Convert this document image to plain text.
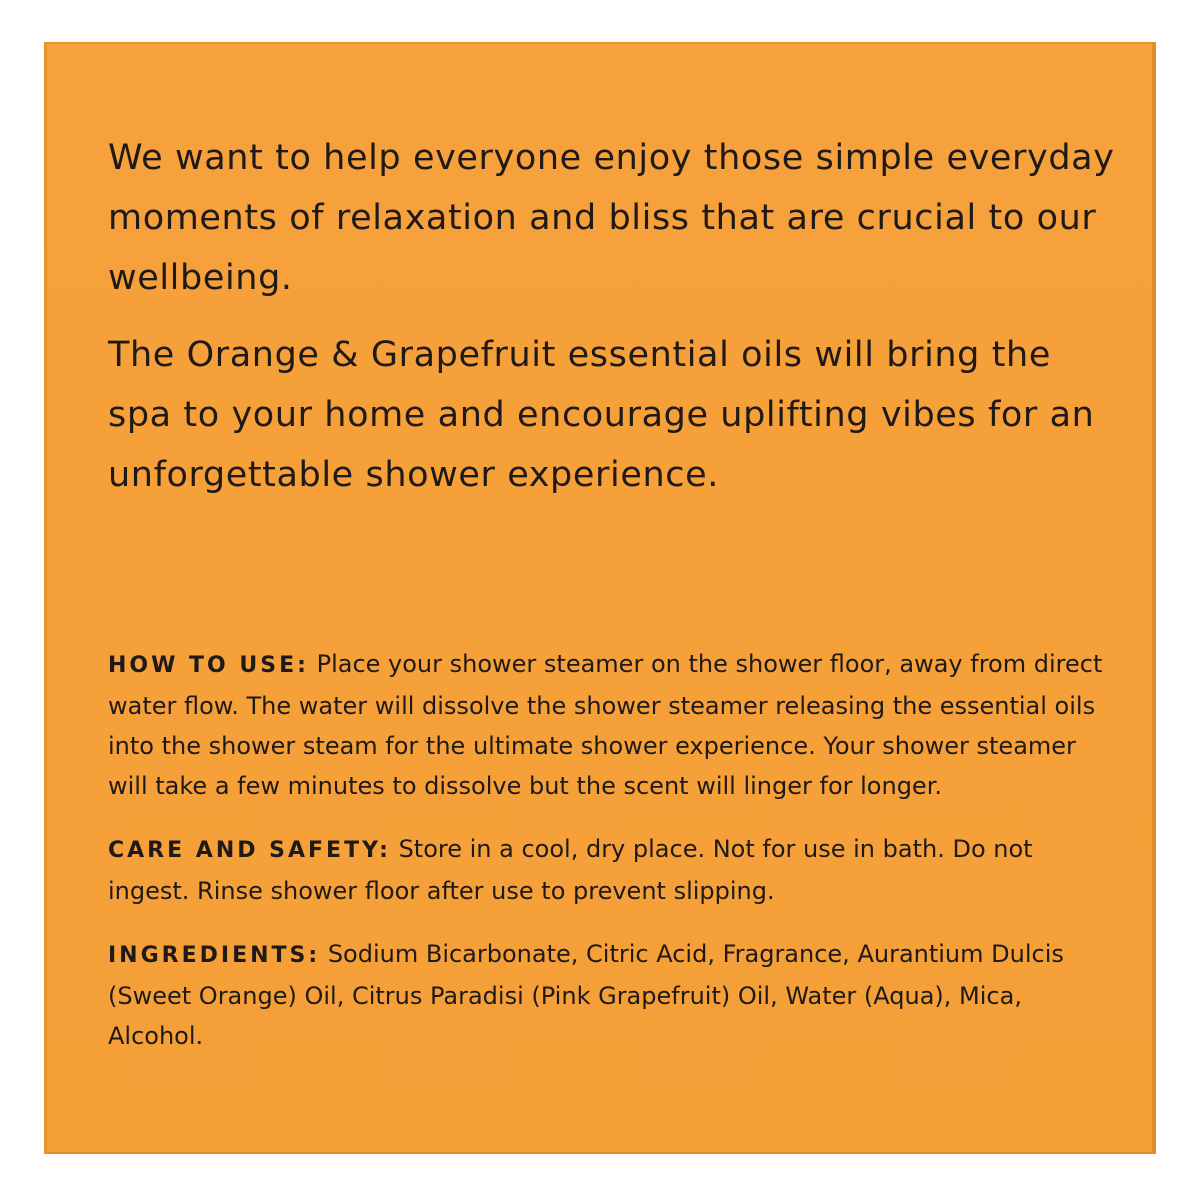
We want to help everyone enjoy those simple everyday moments of relaxation and bliss that are crucial to our wellbeing.

The Orange & Grapefruit essential oils will bring the spa to your home and encourage uplifting vibes for an unforgettable shower experience.

HOW TO USE: Place your shower steamer on the shower floor, away from direct water flow. The water will dissolve the shower steamer releasing the essential oils into the shower steam for the ultimate shower experience. Your shower steamer will take a few minutes to dissolve but the scent will linger for longer.

CARE AND SAFETY: Store in a cool, dry place. Not for use in bath. Do not ingest. Rinse shower floor after use to prevent slipping.

INGREDIENTS: Sodium Bicarbonate, Citric Acid, Fragrance, Aurantium Dulcis (Sweet Orange) Oil, Citrus Paradisi (Pink Grapefruit) Oil, Water (Aqua), Mica, Alcohol.
